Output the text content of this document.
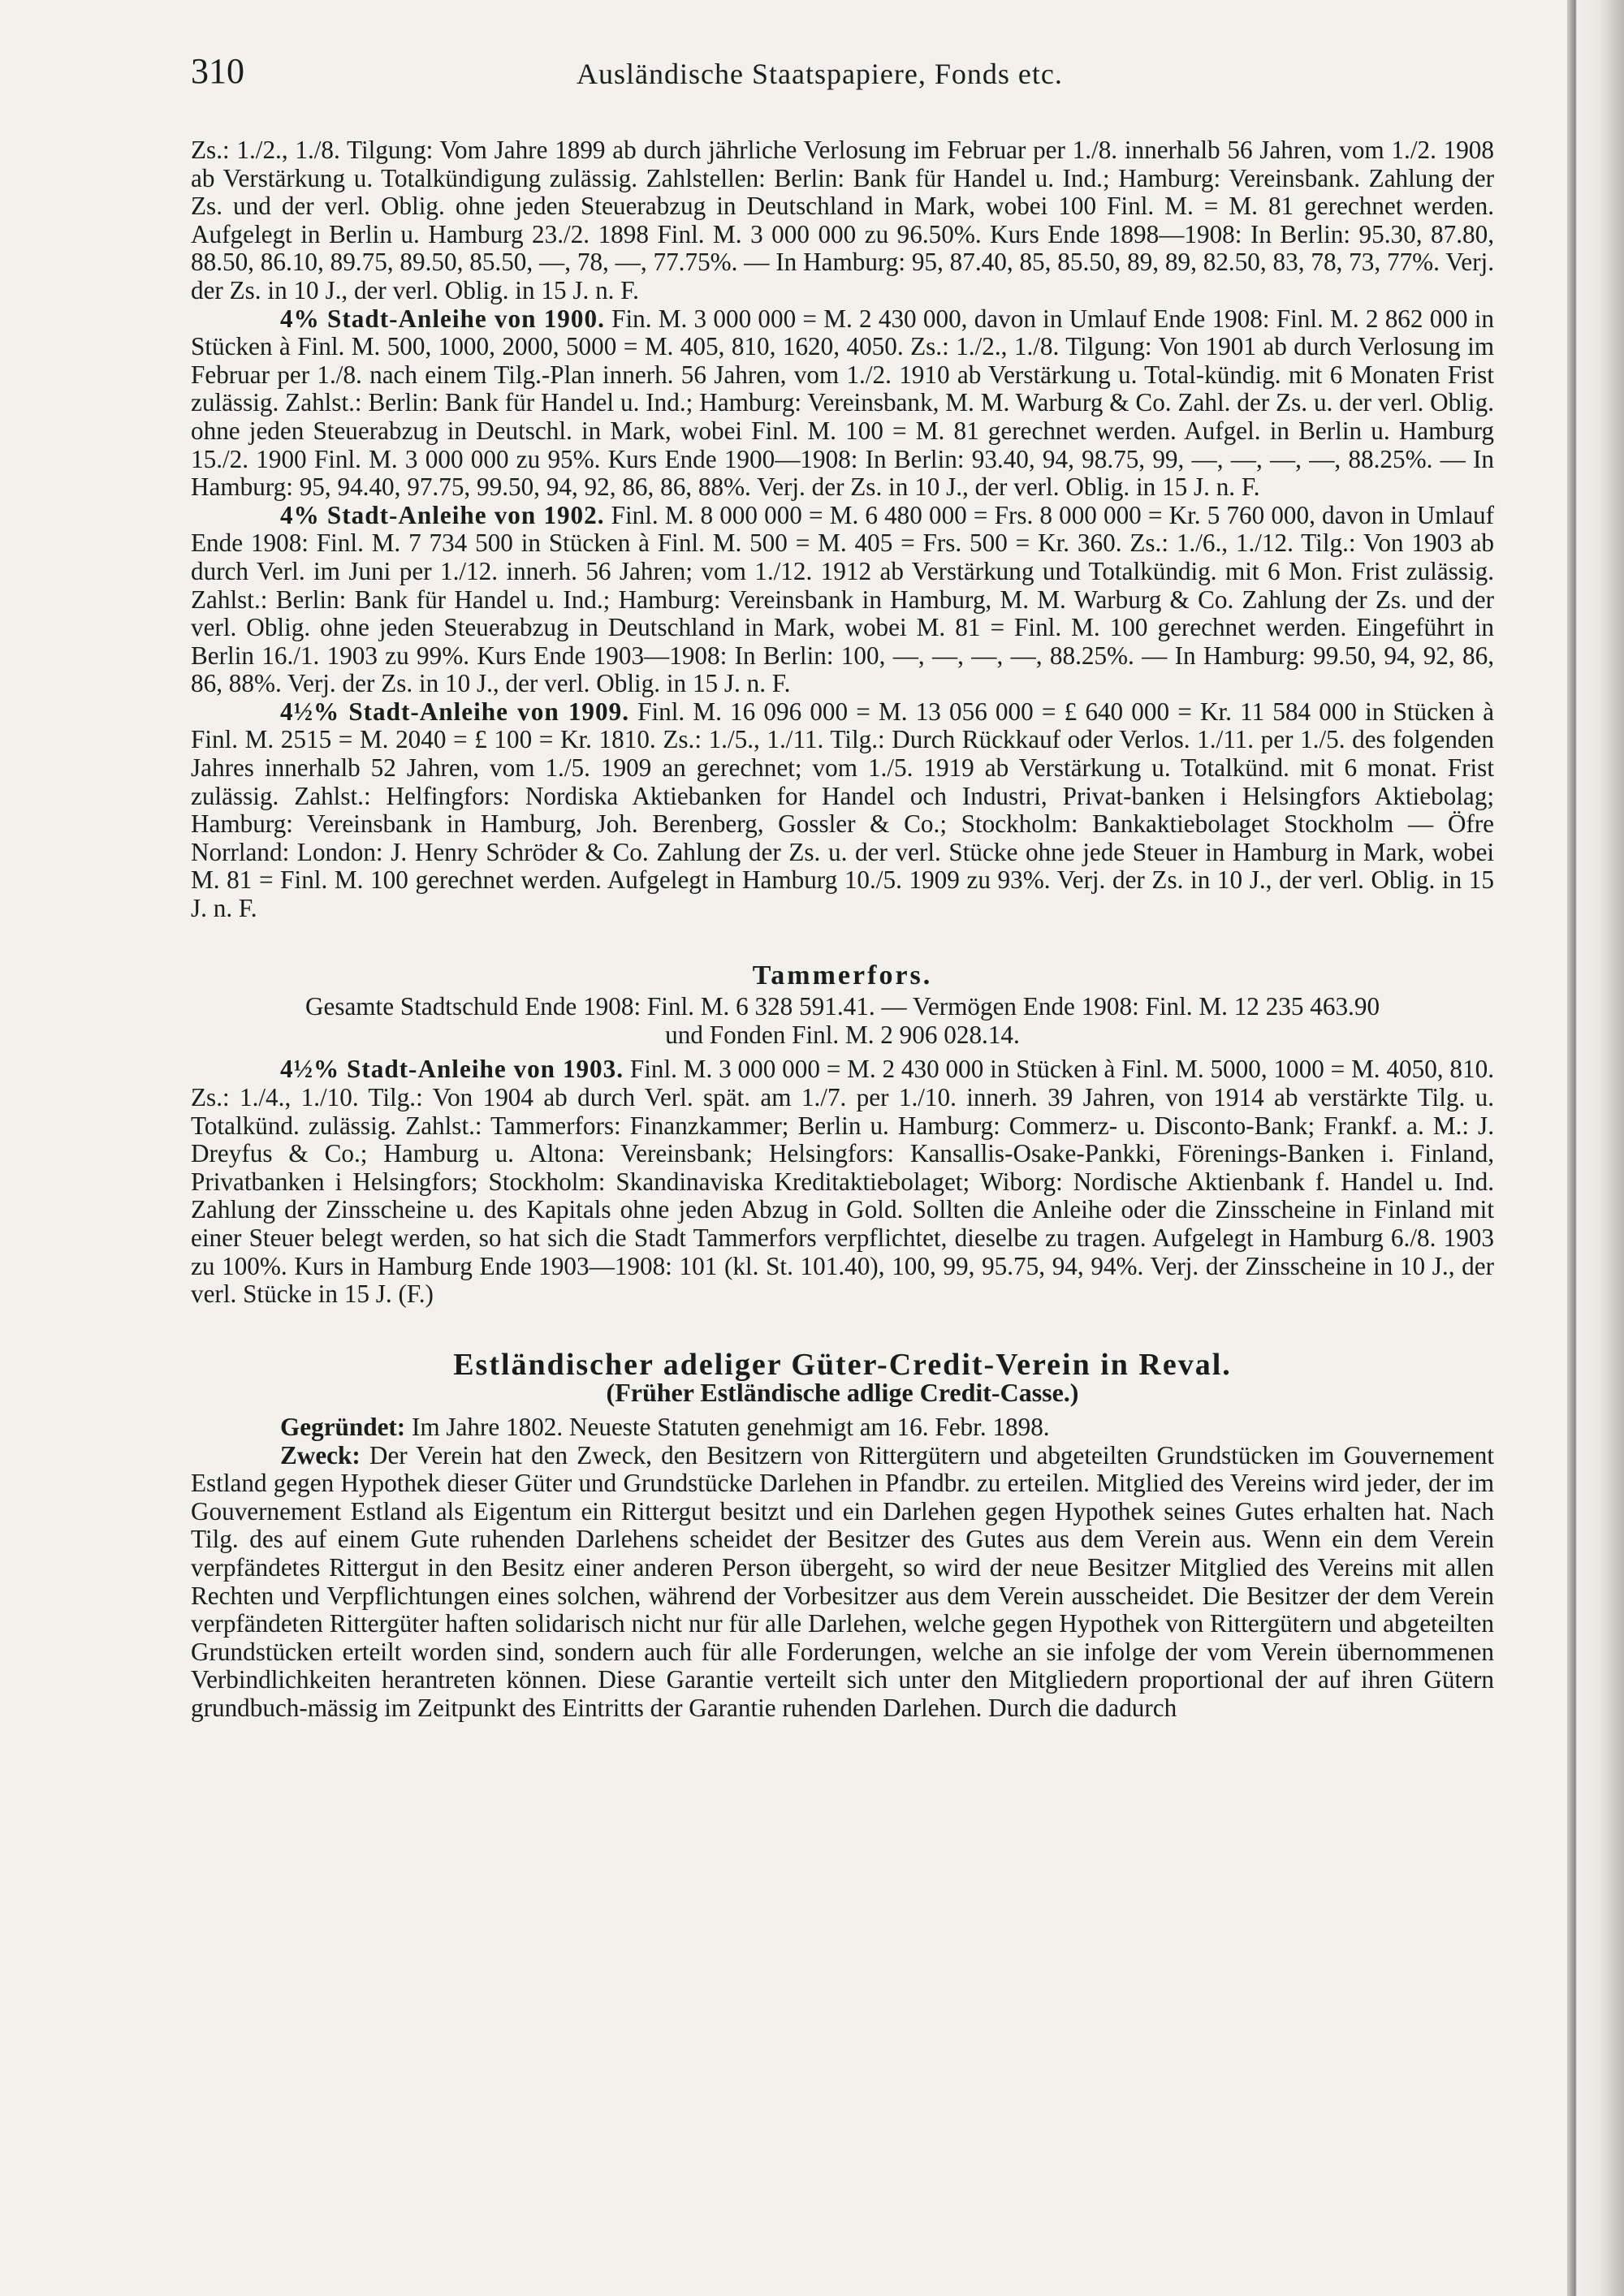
310	Ausländische Staatspapiere, Fonds etc.

Zs.: 1./2., 1./8. Tilgung: Vom Jahre 1899 ab durch jährliche Verlosung im Februar per 1./8. innerhalb 56 Jahren, vom 1./2. 1908 ab Verstärkung u. Totalkündigung zulässig. Zahlstellen: Berlin: Bank für Handel u. Ind.; Hamburg: Vereinsbank. Zahlung der Zs. und der verl. Oblig. ohne jeden Steuerabzug in Deutschland in Mark, wobei 100 Finl. M. = M. 81 gerechnet werden. Aufgelegt in Berlin u. Hamburg 23./2. 1898 Finl. M. 3 000 000 zu 96.50%. Kurs Ende 1898—1908: In Berlin: 95.30, 87.80, 88.50, 86.10, 89.75, 89.50, 85.50, —, 78, —, 77.75%. — In Hamburg: 95, 87.40, 85, 85.50, 89, 89, 82.50, 83, 78, 73, 77%. Verj. der Zs. in 10 J., der verl. Oblig. in 15 J. n. F.

4% Stadt-Anleihe von 1900. Fin. M. 3 000 000 = M. 2 430 000, davon in Umlauf Ende 1908: Finl. M. 2 862 000 in Stücken à Finl. M. 500, 1000, 2000, 5000 = M. 405, 810, 1620, 4050. Zs.: 1./2., 1./8. Tilgung: Von 1901 ab durch Verlosung im Februar per 1./8. nach einem Tilg.-Plan innerh. 56 Jahren, vom 1./2. 1910 ab Verstärkung u. Total-kündig. mit 6 Monaten Frist zulässig. Zahlst.: Berlin: Bank für Handel u. Ind.; Hamburg: Vereinsbank, M. M. Warburg & Co. Zahl. der Zs. u. der verl. Oblig. ohne jeden Steuerabzug in Deutschl. in Mark, wobei Finl. M. 100 = M. 81 gerechnet werden. Aufgel. in Berlin u. Hamburg 15./2. 1900 Finl. M. 3 000 000 zu 95%. Kurs Ende 1900—1908: In Berlin: 93.40, 94, 98.75, 99, —, —, —, —, 88.25%. — In Hamburg: 95, 94.40, 97.75, 99.50, 94, 92, 86, 86, 88%. Verj. der Zs. in 10 J., der verl. Oblig. in 15 J. n. F.

4% Stadt-Anleihe von 1902. Finl. M. 8 000 000 = M. 6 480 000 = Frs. 8 000 000 = Kr. 5 760 000, davon in Umlauf Ende 1908: Finl. M. 7 734 500 in Stücken à Finl. M. 500 = M. 405 = Frs. 500 = Kr. 360. Zs.: 1./6., 1./12. Tilg.: Von 1903 ab durch Verl. im Juni per 1./12. innerh. 56 Jahren; vom 1./12. 1912 ab Verstärkung und Totalkündig. mit 6 Mon. Frist zulässig. Zahlst.: Berlin: Bank für Handel u. Ind.; Hamburg: Vereinsbank in Hamburg, M. M. Warburg & Co. Zahlung der Zs. und der verl. Oblig. ohne jeden Steuerabzug in Deutschland in Mark, wobei M. 81 = Finl. M. 100 gerechnet werden. Eingeführt in Berlin 16./1. 1903 zu 99%. Kurs Ende 1903—1908: In Berlin: 100, —, —, —, —, 88.25%. — In Hamburg: 99.50, 94, 92, 86, 86, 88%. Verj. der Zs. in 10 J., der verl. Oblig. in 15 J. n. F.

4½% Stadt-Anleihe von 1909. Finl. M. 16 096 000 = M. 13 056 000 = £ 640 000 = Kr. 11 584 000 in Stücken à Finl. M. 2515 = M. 2040 = £ 100 = Kr. 1810. Zs.: 1./5., 1./11. Tilg.: Durch Rückkauf oder Verlos. 1./11. per 1./5. des folgenden Jahres innerhalb 52 Jahren, vom 1./5. 1909 an gerechnet; vom 1./5. 1919 ab Verstärkung u. Totalkünd. mit 6 monat. Frist zulässig. Zahlst.: Helfingfors: Nordiska Aktiebanken for Handel och Industri, Privat-banken i Helsingfors Aktiebolag; Hamburg: Vereinsbank in Hamburg, Joh. Berenberg, Gossler & Co.; Stockholm: Bankaktiebolaget Stockholm — Öfre Norrland: London: J. Henry Schröder & Co. Zahlung der Zs. u. der verl. Stücke ohne jede Steuer in Hamburg in Mark, wobei M. 81 = Finl. M. 100 gerechnet werden. Aufgelegt in Hamburg 10./5. 1909 zu 93%. Verj. der Zs. in 10 J., der verl. Oblig. in 15 J. n. F.

Tammerfors.

Gesamte Stadtschuld Ende 1908: Finl. M. 6 328 591.41. — Vermögen Ende 1908: Finl. M. 12 235 463.90

und Fonden Finl. M. 2 906 028.14.

4½% Stadt-Anleihe von 1903. Finl. M. 3 000 000 = M. 2 430 000 in Stücken à Finl. M. 5000, 1000 = M. 4050, 810. Zs.: 1./4., 1./10. Tilg.: Von 1904 ab durch Verl. spät. am 1./7. per 1./10. innerh. 39 Jahren, von 1914 ab verstärkte Tilg. u. Totalkünd. zulässig. Zahlst.: Tammerfors: Finanzkammer; Berlin u. Hamburg: Commerz- u. Disconto-Bank; Frankf. a. M.: J. Dreyfus & Co.; Hamburg u. Altona: Vereinsbank; Helsingfors: Kansallis-Osake-Pankki, Förenings-Banken i. Finland, Privatbanken i Helsingfors; Stockholm: Skandinaviska Kreditaktiebolaget; Wiborg: Nordische Aktienbank f. Handel u. Ind. Zahlung der Zinsscheine u. des Kapitals ohne jeden Abzug in Gold. Sollten die Anleihe oder die Zinsscheine in Finland mit einer Steuer belegt werden, so hat sich die Stadt Tammerfors verpflichtet, dieselbe zu tragen. Aufgelegt in Hamburg 6./8. 1903 zu 100%. Kurs in Hamburg Ende 1903—1908: 101 (kl. St. 101.40), 100, 99, 95.75, 94, 94%. Verj. der Zinsscheine in 10 J., der verl. Stücke in 15 J. (F.)

Estländischer adeliger Güter-Credit-Verein in Reval.

(Früher Estländische adlige Credit-Casse.)

Gegründet: Im Jahre 1802. Neueste Statuten genehmigt am 16. Febr. 1898.

Zweck: Der Verein hat den Zweck, den Besitzern von Rittergütern und abgeteilten Grundstücken im Gouvernement Estland gegen Hypothek dieser Güter und Grundstücke Darlehen in Pfandbr. zu erteilen. Mitglied des Vereins wird jeder, der im Gouvernement Estland als Eigentum ein Rittergut besitzt und ein Darlehen gegen Hypothek seines Gutes erhalten hat. Nach Tilg. des auf einem Gute ruhenden Darlehens scheidet der Besitzer des Gutes aus dem Verein aus. Wenn ein dem Verein verpfändetes Rittergut in den Besitz einer anderen Person übergeht, so wird der neue Besitzer Mitglied des Vereins mit allen Rechten und Verpflichtungen eines solchen, während der Vorbesitzer aus dem Verein ausscheidet. Die Besitzer der dem Verein verpfändeten Rittergüter haften solidarisch nicht nur für alle Darlehen, welche gegen Hypothek von Rittergütern und abgeteilten Grundstücken erteilt worden sind, sondern auch für alle Forderungen, welche an sie infolge der vom Verein übernommenen Verbindlichkeiten herantreten können. Diese Garantie verteilt sich unter den Mitgliedern proportional der auf ihren Gütern grundbuch-mässig im Zeitpunkt des Eintritts der Garantie ruhenden Darlehen. Durch die dadurch
